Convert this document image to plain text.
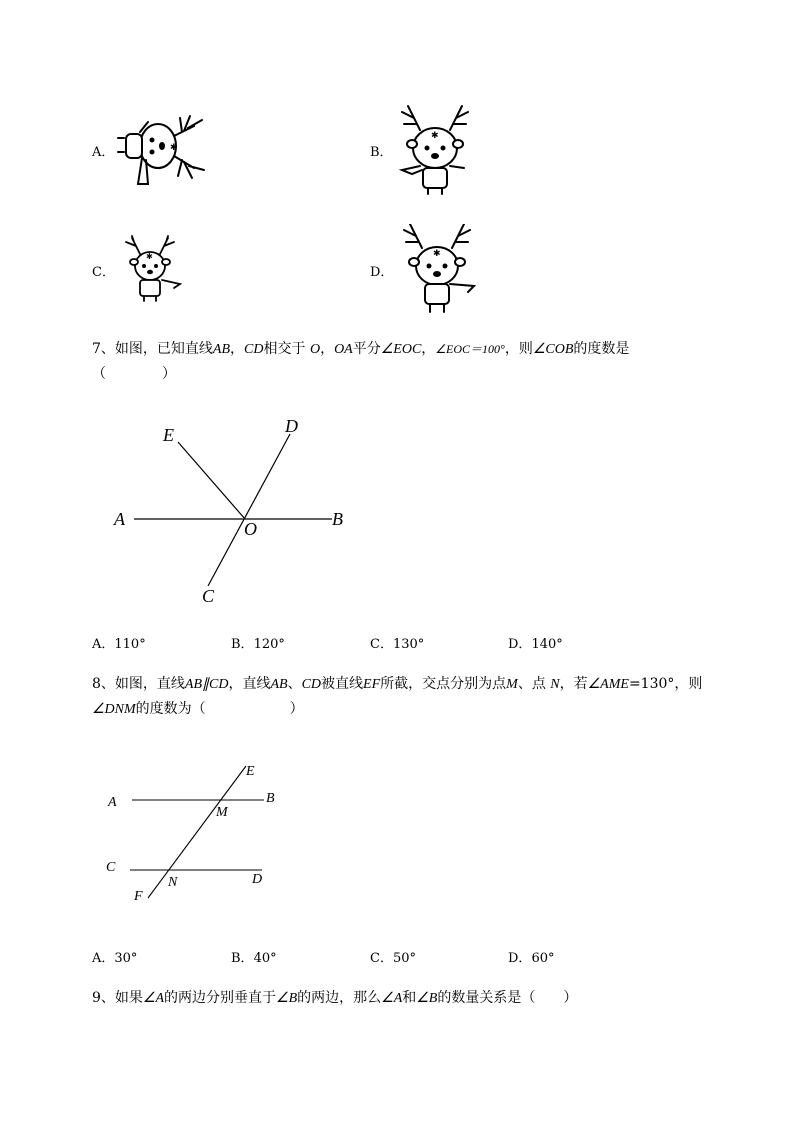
A．	✱	B．
✱
C．
✱
D．
✱
7、如图，已知直线AB，CD相交于 O，OA平分∠EOC，∠EOC＝100°，则∠COB的度数是
（　　　　）
A	B
C
D
E
O
A．110°	B．120°	C．130°	D．140°
8、如图，直线AB∥CD，直线AB、CD被直线EF所截，交点分别为点M、点 N，若∠AME=130°，则
∠DNM的度数为（　　　　　　）
A	B
C
D
E
F
M
N
A．30°	B．40°	C．50°	D．60°
9、如果∠A的两边分别垂直于∠B的两边，那么∠A和∠B的数量关系是（　　）
